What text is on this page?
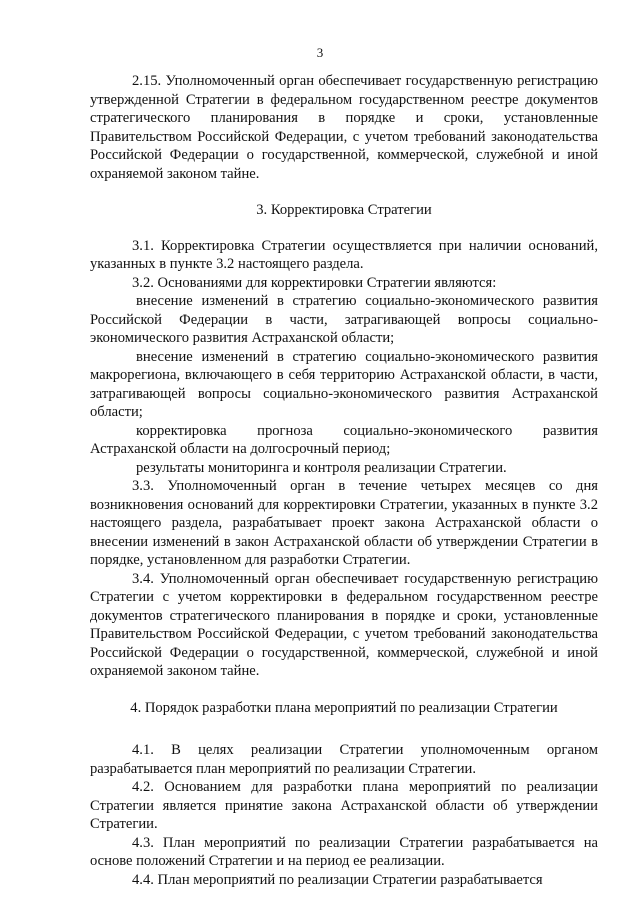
3

2.15. Уполномоченный орган обеспечивает государственную регистрацию утвержденной Стратегии в федеральном государственном реестре документов стратегического планирования в порядке и сроки, установленные Правительством Российской Федерации, с учетом требований законодательства Российской Федерации о государственной, коммерческой, служебной и иной охраняемой законом тайне.

3. Корректировка Стратегии

3.1. Корректировка Стратегии осуществляется при наличии оснований, указанных в пункте 3.2 настоящего раздела.

3.2. Основаниями для корректировки Стратегии являются:

внесение изменений в стратегию социально-экономического развития Российской Федерации в части, затрагивающей вопросы социально-экономического развития Астраханской области;

внесение изменений в стратегию социально-экономического развития макрорегиона, включающего в себя территорию Астраханской области, в части, затрагивающей вопросы социально-экономического развития Астраханской области;

корректировка прогноза социально-экономического развития Астраханской области на долгосрочный период;

результаты мониторинга и контроля реализации Стратегии.

3.3. Уполномоченный орган в течение четырех месяцев со дня возникновения оснований для корректировки Стратегии, указанных в пункте 3.2 настоящего раздела, разрабатывает проект закона Астраханской области о внесении изменений в закон Астраханской области об утверждении Стратегии в порядке, установленном для разработки Стратегии.

3.4. Уполномоченный орган обеспечивает государственную регистрацию Стратегии с учетом корректировки в федеральном государственном реестре документов стратегического планирования в порядке и сроки, установленные Правительством Российской Федерации, с учетом требований законодательства Российской Федерации о государственной, коммерческой, служебной и иной охраняемой законом тайне.

4. Порядок разработки плана мероприятий по реализации Стратегии

4.1. В целях реализации Стратегии уполномоченным органом разрабатывается план мероприятий по реализации Стратегии.

4.2. Основанием для разработки плана мероприятий по реализации Стратегии является принятие закона Астраханской области об утверждении Стратегии.

4.3. План мероприятий по реализации Стратегии разрабатывается на основе положений Стратегии и на период ее реализации.

4.4. План мероприятий по реализации Стратегии разрабатывается
